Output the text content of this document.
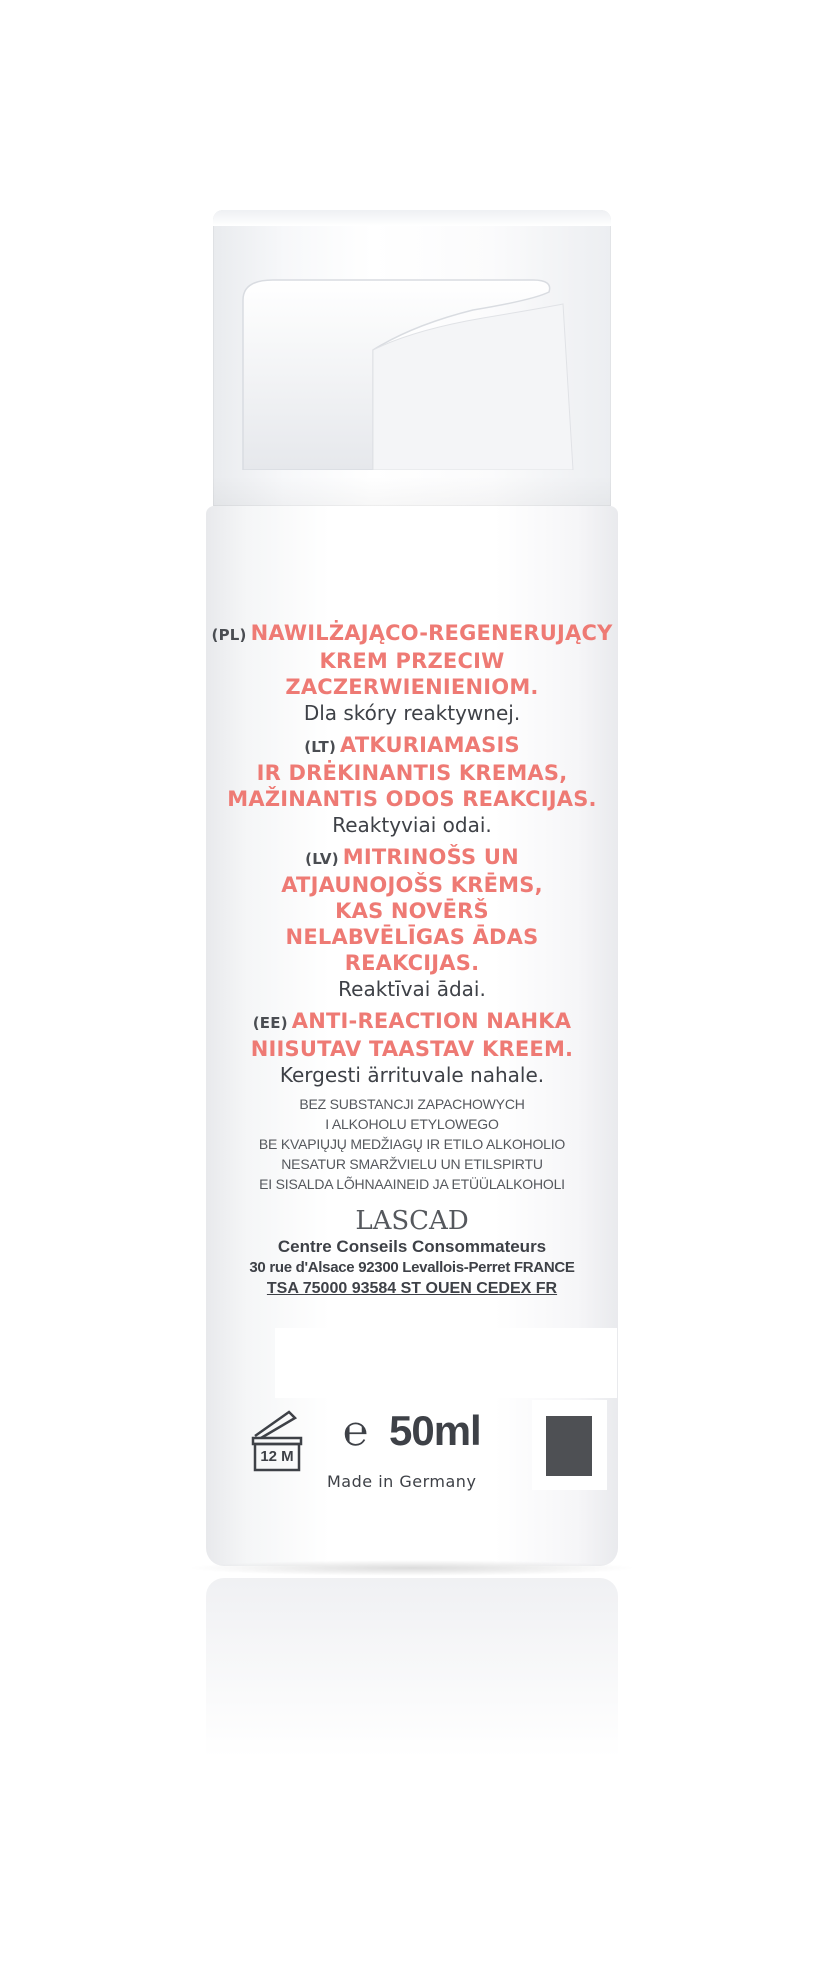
(PL) NAWILŻAJĄCO-REGENERUJĄCY
KREM PRZECIW
ZACZERWIENIENIOM.
Dla skóry reaktywnej.
(LT) ATKURIAMASIS
IR DRĖKINANTIS KREMAS,
MAŽINANTIS ODOS REAKCIJAS.
Reaktyviai odai.
(LV) MITRINOŠS UN
ATJAUNOJOŠS KRĒMS,
KAS NOVĒRŠ
NELABVĒLĪGAS ĀDAS
REAKCIJAS.
Reaktīvai ādai.
(EE) ANTI-REACTION NAHKA
NIISUTAV TAASTAV KREEM.
Kergesti ärrituvale nahale.
BEZ SUBSTANCJI ZAPACHOWYCH
I ALKOHOLU ETYLOWEGO
BE KVAPIŲJŲ MEDŽIAGŲ IR ETILO ALKOHOLIO
NESATUR SMARŽVIELU UN ETILSPIRTU
EI SISALDA LÕHNAAINEID JA ETÜÜLALKOHOLI
LASCAD
Centre Conseils Consommateurs
30 rue d'Alsace 92300 Levallois-Perret FRANCE
TSA 75000 93584 ST OUEN CEDEX FR
12 M
℮ 50ml
Made in Germany
